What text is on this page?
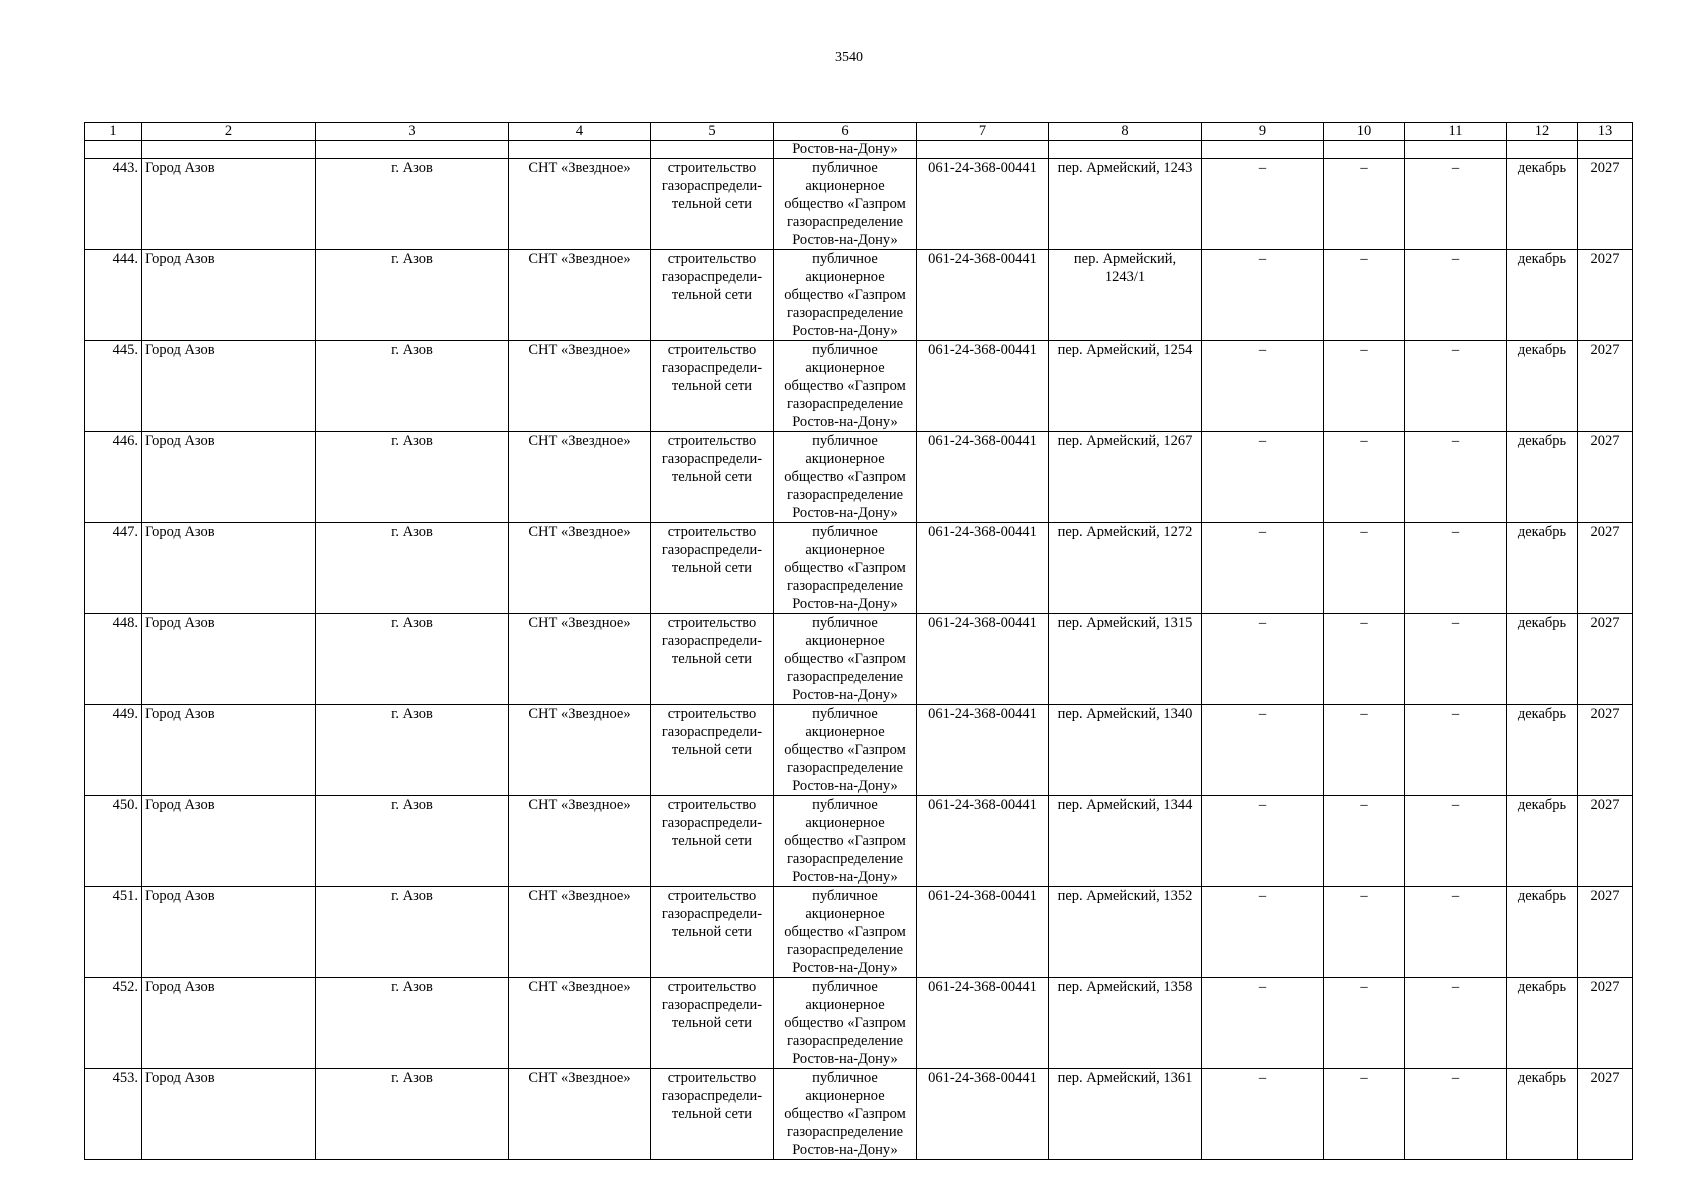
3540
1	2	3	4	5	6	7	8	9	10	11	12	13
					Ростов-на-Дону»							
443.	Город Азов	г. Азов	СНТ «Звездное»	строительство газораспредели-тельной сети	публичное акционерное общество «Газпром газораспределение Ростов-на-Дону»	061-24-368-00441	пер. Армейский, 1243	–	–	–	декабрь	2027
444.	Город Азов	г. Азов	СНТ «Звездное»	строительство газораспредели-тельной сети	публичное акционерное общество «Газпром газораспределение Ростов-на-Дону»	061-24-368-00441	пер. Армейский, 1243/1	–	–	–	декабрь	2027
445.	Город Азов	г. Азов	СНТ «Звездное»	строительство газораспредели-тельной сети	публичное акционерное общество «Газпром газораспределение Ростов-на-Дону»	061-24-368-00441	пер. Армейский, 1254	–	–	–	декабрь	2027
446.	Город Азов	г. Азов	СНТ «Звездное»	строительство газораспредели-тельной сети	публичное акционерное общество «Газпром газораспределение Ростов-на-Дону»	061-24-368-00441	пер. Армейский, 1267	–	–	–	декабрь	2027
447.	Город Азов	г. Азов	СНТ «Звездное»	строительство газораспредели-тельной сети	публичное акционерное общество «Газпром газораспределение Ростов-на-Дону»	061-24-368-00441	пер. Армейский, 1272	–	–	–	декабрь	2027
448.	Город Азов	г. Азов	СНТ «Звездное»	строительство газораспредели-тельной сети	публичное акционерное общество «Газпром газораспределение Ростов-на-Дону»	061-24-368-00441	пер. Армейский, 1315	–	–	–	декабрь	2027
449.	Город Азов	г. Азов	СНТ «Звездное»	строительство газораспредели-тельной сети	публичное акционерное общество «Газпром газораспределение Ростов-на-Дону»	061-24-368-00441	пер. Армейский, 1340	–	–	–	декабрь	2027
450.	Город Азов	г. Азов	СНТ «Звездное»	строительство газораспредели-тельной сети	публичное акционерное общество «Газпром газораспределение Ростов-на-Дону»	061-24-368-00441	пер. Армейский, 1344	–	–	–	декабрь	2027
451.	Город Азов	г. Азов	СНТ «Звездное»	строительство газораспредели-тельной сети	публичное акционерное общество «Газпром газораспределение Ростов-на-Дону»	061-24-368-00441	пер. Армейский, 1352	–	–	–	декабрь	2027
452.	Город Азов	г. Азов	СНТ «Звездное»	строительство газораспредели-тельной сети	публичное акционерное общество «Газпром газораспределение Ростов-на-Дону»	061-24-368-00441	пер. Армейский, 1358	–	–	–	декабрь	2027
453.	Город Азов	г. Азов	СНТ «Звездное»	строительство газораспредели-тельной сети	публичное акционерное общество «Газпром газораспределение Ростов-на-Дону»	061-24-368-00441	пер. Армейский, 1361	–	–	–	декабрь	2027
